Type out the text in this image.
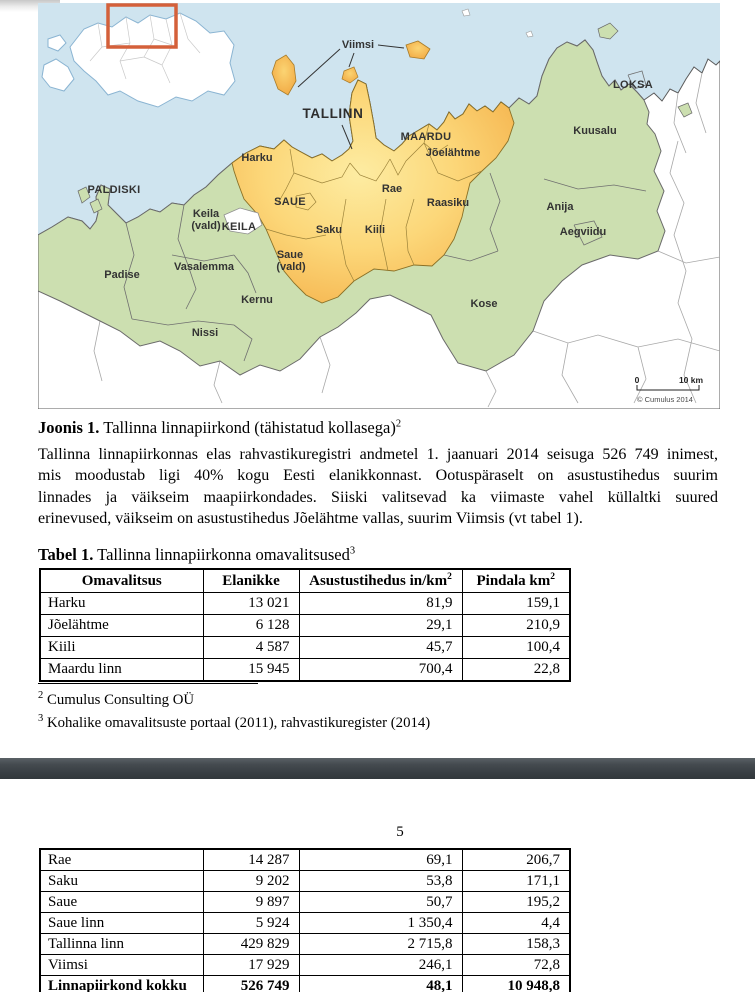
Viimsi
TALLINN
MAARDU
Jõelähtme
Harku
Rae
Raasiku
LOKSA
Kuusalu
Anija
Aegviidu
Kose
PALDISKI
Keila
(vald) KEILA
SAUE
Saku Kiili
Saue
(vald)
Vasalemma
Padise
Kernu
Nissi
0	10 km
© Cumulus 2014
Joonis 1. Tallinna linnapiirkond (tähistatud kollasega)$^2$
Tallinna linnapiirkonnas elas rahvastikuregistri andmetel 1. jaanuari 2014 seisuga 526 749 inimest,
mis moodustab ligi 40% kogu Eesti elanikkonnast. Ootuspäraselt on asustustihedus suurim
linnades ja väikseim maapiirkondades. Siiski valitsevad ka viimaste vahel küllaltki suured
erinevused, väikseim on asustustihedus Jõelähtme vallas, suurim Viimsis (vt tabel 1).
Tabel 1. Tallinna linnapiirkonna omavalitsused$^3$
Omavalitsus	Elanikke	Asustustihedus $in/km^2$	Pindala $km^2$
Harku	13 021	81,9	159,1
Jõelähtme	6 128	29,1	210,9
Kiili	4 587	45,7	100,4
Maardu linn	15 945	700,4	22,8
$^2$ Cumulus Consulting OÜ
$^3$ Kohalike omavalitsuste portaal (2011), rahvastikuregister (2014)
5
Rae	14 287	69,1	206,7
Saku	9 202	53,8	171,1
Saue	9 897	50,7	195,2
Saue linn	5 924	1 350,4	4,4
Tallinna linn	429 829	2 715,8	158,3
Viimsi	17 929	246,1	72,8
Linnapiirkond kokku	526 749	48,1	10 948,8
